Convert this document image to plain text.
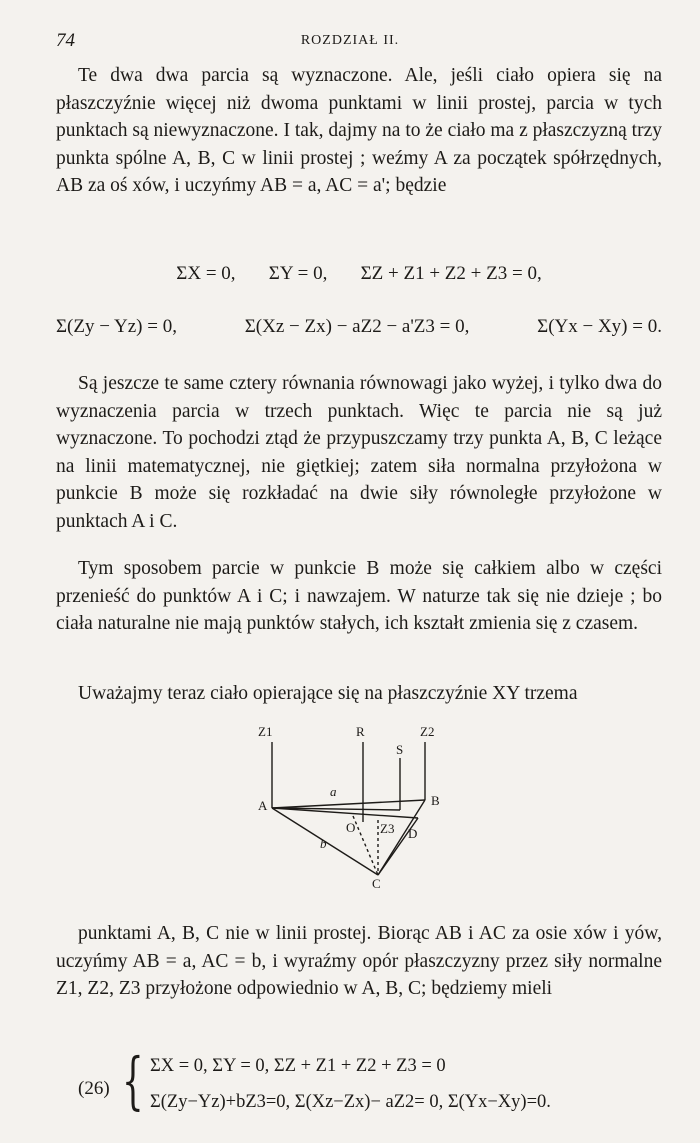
74	ROZDZIAŁ II.

Te dwa dwa parcia są wyznaczone. Ale, jeśli ciało opiera się na płaszczyźnie więcej niż dwoma punktami w linii prostej, parcia w tych punktach są niewyznaczone. I tak, dajmy na to że ciało ma z płaszczyzną trzy punkta spólne A, B, C w linii prostej ; weźmy A za początek spółrzędnych, AB za oś xów, i uczyńmy AB = a, AC = a'; będzie

ΣX = 0, ΣY = 0, ΣZ + Z1 + Z2 + Z3 = 0,
Σ(Zy − Yz) = 0,	Σ(Xz − Zx) − aZ2 − a'Z3 = 0,	Σ(Yx − Xy) = 0.

Są jeszcze te same cztery równania równowagi jako wyżej, i tylko dwa do wyznaczenia parcia w trzech punktach. Więc te parcia nie są już wyznaczone. To pochodzi ztąd że przypuszczamy trzy punkta A, B, C leżące na linii matematycznej, nie giętkiej; zatem siła normalna przyłożona w punkcie B może się rozkładać na dwie siły równoległe przyłożone w punktach A i C.

Tym sposobem parcie w punkcie B może się całkiem albo w części przenieść do punktów A i C; i nawzajem. W naturze tak się nie dzieje ; bo ciała naturalne nie mają punktów stałych, ich kształt zmienia się z czasem.

Uważajmy teraz ciało opierające się na płaszczyźnie XY trzema

Z1	R	Z2
S
A
a
B
b
O Z3 D
C

punktami A, B, C nie w linii prostej. Biorąc AB i AC za osie xów i yów, uczyńmy AB = a, AC = b, i wyraźmy opór płaszczyzny przez siły normalne Z1, Z2, Z3 przyłożone odpowiednio w A, B, C; będziemy mieli

(26) { ΣX = 0, ΣY = 0, ΣZ + Z1 + Z2 + Z3 = 0
Σ(Zy−Yz)+bZ3=0, Σ(Xz−Zx)− aZ2= 0, Σ(Yx−Xy)=0.
